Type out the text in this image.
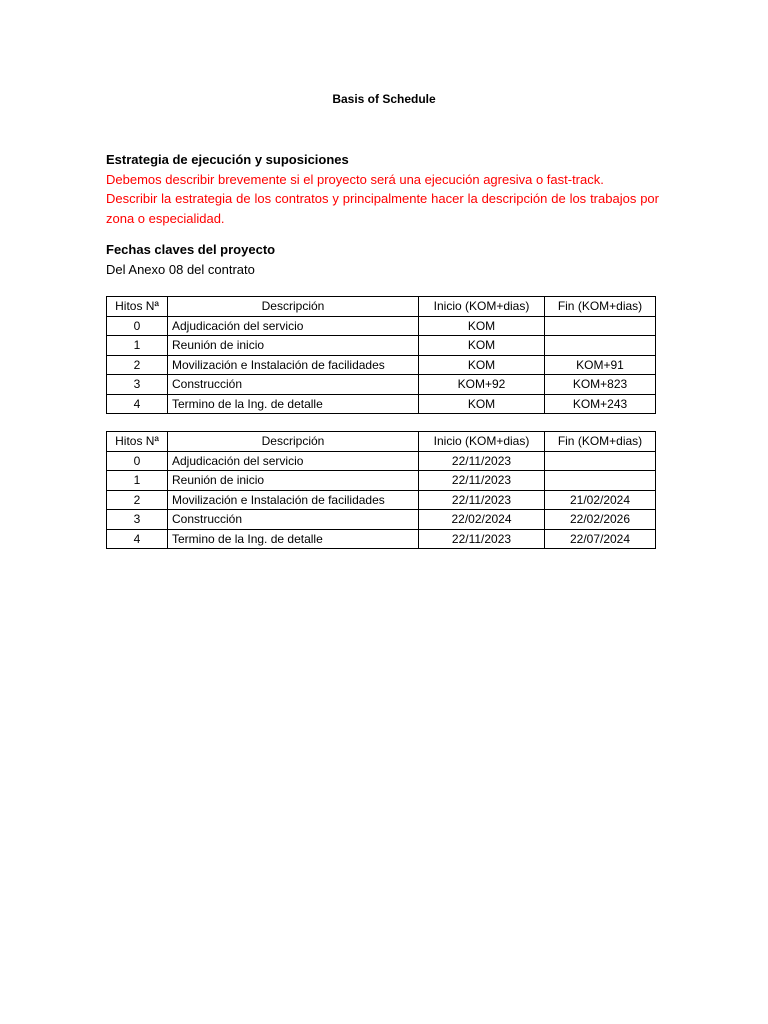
Basis of Schedule
Estrategia de ejecución y suposiciones
Debemos describir brevemente si el proyecto será una ejecución agresiva o fast-track.
Describir la estrategia de los contratos y principalmente hacer la descripción de los trabajos por zona o especialidad.
Fechas claves del proyecto
Del Anexo 08 del contrato
Hitos Nª	Descripción	Inicio (KOM+dias)	Fin (KOM+dias)
0	Adjudicación del servicio	KOM	
1	Reunión de inicio	KOM	
2	Movilización e Instalación de facilidades	KOM	KOM+91
3	Construcción	KOM+92	KOM+823
4	Termino de la Ing. de detalle	KOM	KOM+243
Hitos Nª	Descripción	Inicio (KOM+dias)	Fin (KOM+dias)
0	Adjudicación del servicio	22/11/2023	
1	Reunión de inicio	22/11/2023	
2	Movilización e Instalación de facilidades	22/11/2023	21/02/2024
3	Construcción	22/02/2024	22/02/2026
4	Termino de la Ing. de detalle	22/11/2023	22/07/2024
